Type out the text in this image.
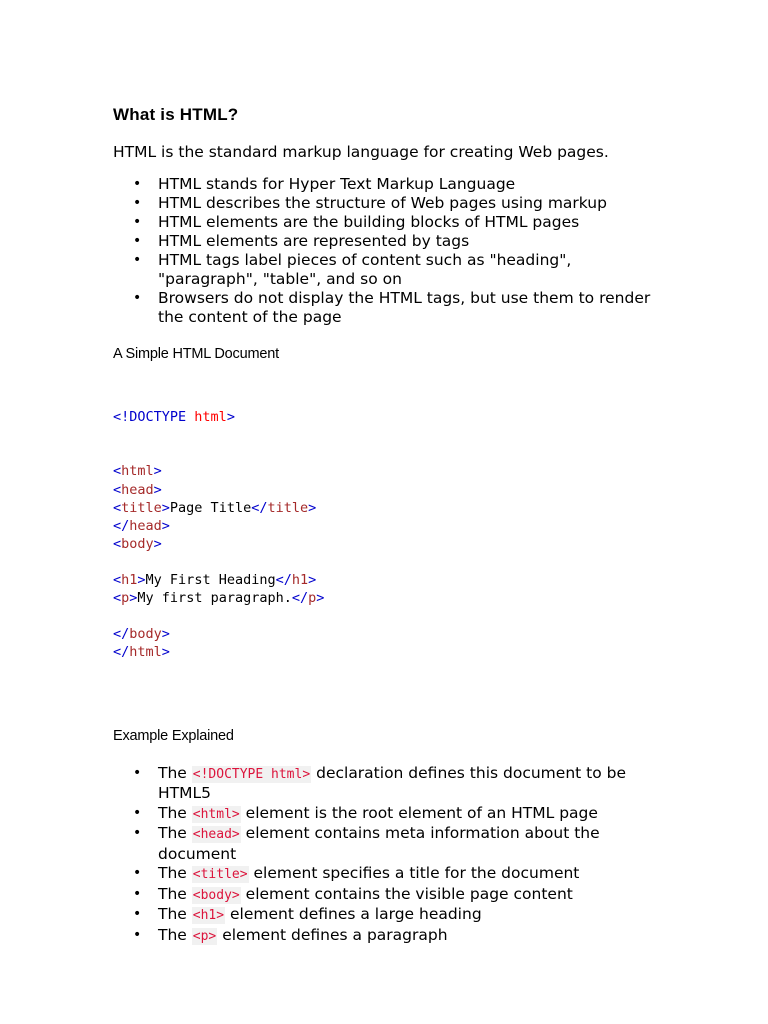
What is HTML?

HTML is the standard markup language for creating Web pages.

• HTML stands for Hyper Text Markup Language
• HTML describes the structure of Web pages using markup
• HTML elements are the building blocks of HTML pages
• HTML elements are represented by tags
• HTML tags label pieces of content such as "heading", "paragraph", "table", and so on
• Browsers do not display the HTML tags, but use them to render the content of the page

A Simple HTML Document

<!DOCTYPE html>

<html>
<head>
<title>Page Title</title>
</head>
<body>
<h1>My First Heading</h1>
<p>My first paragraph.</p>
</body>
</html>

Example Explained

• The <!DOCTYPE html> declaration defines this document to be HTML5
• The <html> element is the root element of an HTML page
• The <head> element contains meta information about the document
• The <title> element specifies a title for the document
• The <body> element contains the visible page content
• The <h1> element defines a large heading
• The <p> element defines a paragraph
